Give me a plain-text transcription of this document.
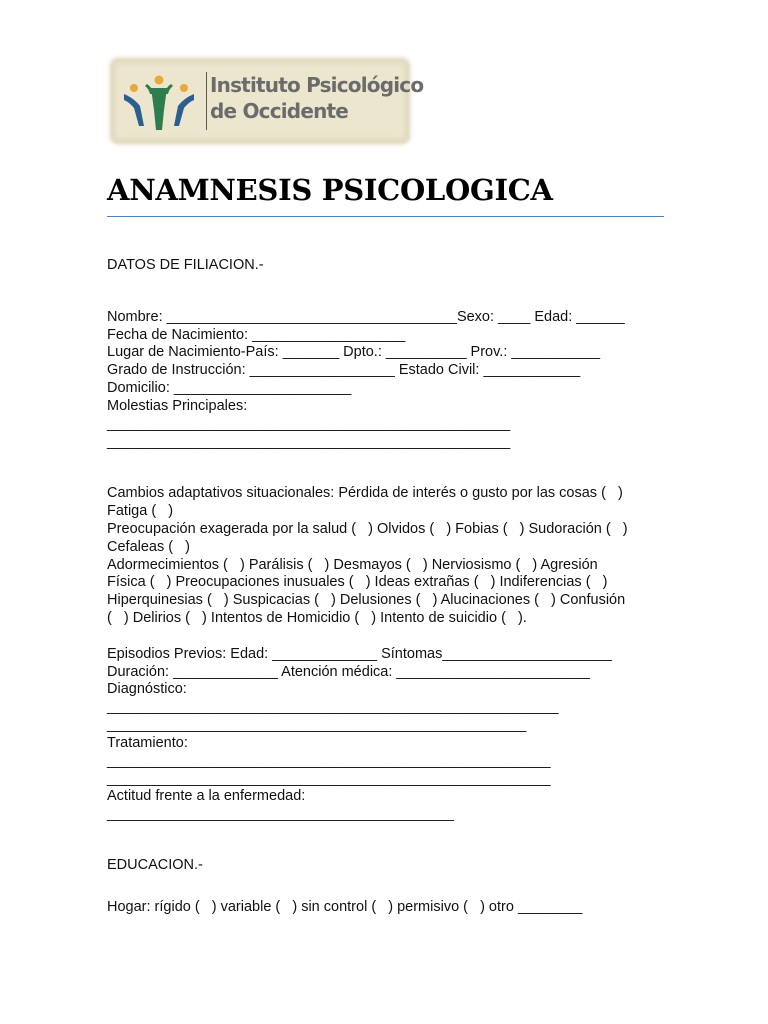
Instituto Psicológico
de Occidente
ANAMNESIS PSICOLOGICA
DATOS DE FILIACION.-
Nombre: ____________________________________Sexo: ____ Edad: ______
Fecha de Nacimiento: ___________________
Lugar de Nacimiento-País: _______ Dpto.: __________ Prov.: ___________
Grado de Instrucción: __________________ Estado Civil: ____________
Domicilio: ______________________
Molestias Principales:
__________________________________________________
__________________________________________________
Cambios adaptativos situacionales: Pérdida de interés o gusto por las cosas (   )
Fatiga (   )
Preocupación exagerada por la salud (   ) Olvidos (   ) Fobias (   ) Sudoración (   )
Cefaleas (   )
Adormecimientos (   ) Parálisis (   ) Desmayos (   ) Nerviosismo (   ) Agresión
Física (   ) Preocupaciones inusuales (   ) Ideas extrañas (   ) Indiferencias (   )
Hiperquinesias (   ) Suspicacias (   ) Delusiones (   ) Alucinaciones (   ) Confusión
(   ) Delirios (   ) Intentos de Homicidio (   ) Intento de suicidio (   ).
Episodios Previos: Edad: _____________ Síntomas_____________________
Duración: _____________ Atención médica: ________________________
Diagnóstico:
________________________________________________________
____________________________________________________
Tratamiento:
_______________________________________________________
_______________________________________________________
Actitud frente a la enfermedad:
___________________________________________
EDUCACION.-
Hogar: rígido (   ) variable (   ) sin control (   ) permisivo (   ) otro ________
